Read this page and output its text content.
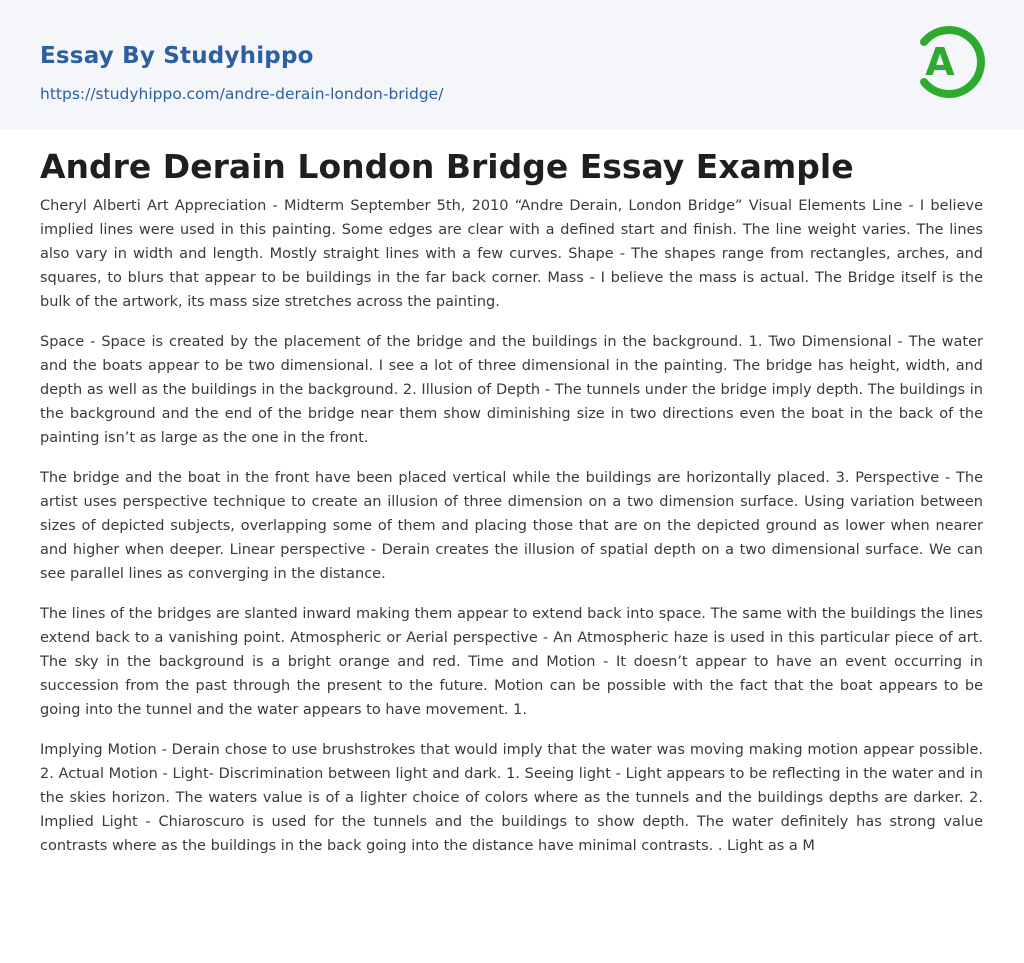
Essay By Studyhippo
https://studyhippo.com/andre-derain-london-bridge/
A
Andre Derain London Bridge Essay Example

Cheryl Alberti Art Appreciation - Midterm September 5th, 2010 “Andre Derain, London Bridge” Visual Elements Line - I believe implied lines were used in this painting. Some edges are clear with a defined start and finish. The line weight varies. The lines also vary in width and length. Mostly straight lines with a few curves. Shape - The shapes range from rectangles, arches, and squares, to blurs that appear to be buildings in the far back corner. Mass - I believe the mass is actual. The Bridge itself is the bulk of the artwork, its mass size stretches across the painting.

Space - Space is created by the placement of the bridge and the buildings in the background. 1. Two Dimensional - The water and the boats appear to be two dimensional. I see a lot of three dimensional in the painting. The bridge has height, width, and depth as well as the buildings in the background. 2. Illusion of Depth - The tunnels under the bridge imply depth. The buildings in the background and the end of the bridge near them show diminishing size in two directions even the boat in the back of the painting isn’t as large as the one in the front.

The bridge and the boat in the front have been placed vertical while the buildings are horizontally placed. 3. Perspective - The artist uses perspective technique to create an illusion of three dimension on a two dimension surface. Using variation between sizes of depicted subjects, overlapping some of them and placing those that are on the depicted ground as lower when nearer and higher when deeper. Linear perspective - Derain creates the illusion of spatial depth on a two dimensional surface. We can see parallel lines as converging in the distance.

The lines of the bridges are slanted inward making them appear to extend back into space. The same with the buildings the lines extend back to a vanishing point. Atmospheric or Aerial perspective - An Atmospheric haze is used in this particular piece of art. The sky in the background is a bright orange and red. Time and Motion - It doesn’t appear to have an event occurring in succession from the past through the present to the future. Motion can be possible with the fact that the boat appears to be going into the tunnel and the water appears to have movement. 1.

Implying Motion - Derain chose to use brushstrokes that would imply that the water was moving making motion appear possible. 2. Actual Motion - Light- Discrimination between light and dark. 1. Seeing light - Light appears to be reflecting in the water and in the skies horizon. The waters value is of a lighter choice of colors where as the tunnels and the buildings depths are darker. 2. Implied Light - Chiaroscuro is used for the tunnels and the buildings to show depth. The water definitely has strong value contrasts where as the buildings in the back going into the distance have minimal contrasts. . Light as a M
